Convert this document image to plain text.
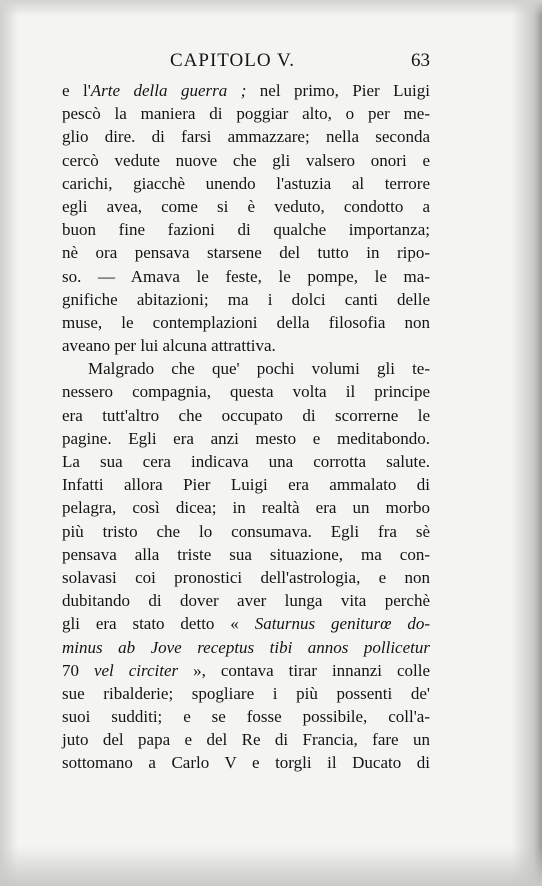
CAPITOLO V.	63
e l'Arte della guerra ; nel primo, Pier Luigi
pescò la maniera di poggiar alto, o per me-
glio dire. di farsi ammazzare; nella seconda
cercò vedute nuove che gli valsero onori e
carichi, giacchè unendo l'astuzia al terrore
egli avea, come si è veduto, condotto a
buon fine fazioni di qualche importanza;
nè ora pensava starsene del tutto in ripo-
so. — Amava le feste, le pompe, le ma-
gnifiche abitazioni; ma i dolci canti delle
muse, le contemplazioni della filosofia non
aveano per lui alcuna attrattiva.
Malgrado che que' pochi volumi gli te-
nessero compagnia, questa volta il principe
era tutt'altro che occupato di scorrerne le
pagine. Egli era anzi mesto e meditabondo.
La sua cera indicava una corrotta salute.
Infatti allora Pier Luigi era ammalato di
pelagra, così dicea; in realtà era un morbo
più tristo che lo consumava. Egli fra sè
pensava alla triste sua situazione, ma con-
solavasi coi pronostici dell'astrologia, e non
dubitando di dover aver lunga vita perchè
gli era stato detto « Saturnus geniturœ do-
minus ab Jove receptus tibi annos pollicetur
70 vel circiter », contava tirar innanzi colle
sue ribalderie; spogliare i più possenti de'
suoi sudditi; e se fosse possibile, coll'a-
juto del papa e del Re di Francia, fare un
sottomano a Carlo V e torgli il Ducato di
